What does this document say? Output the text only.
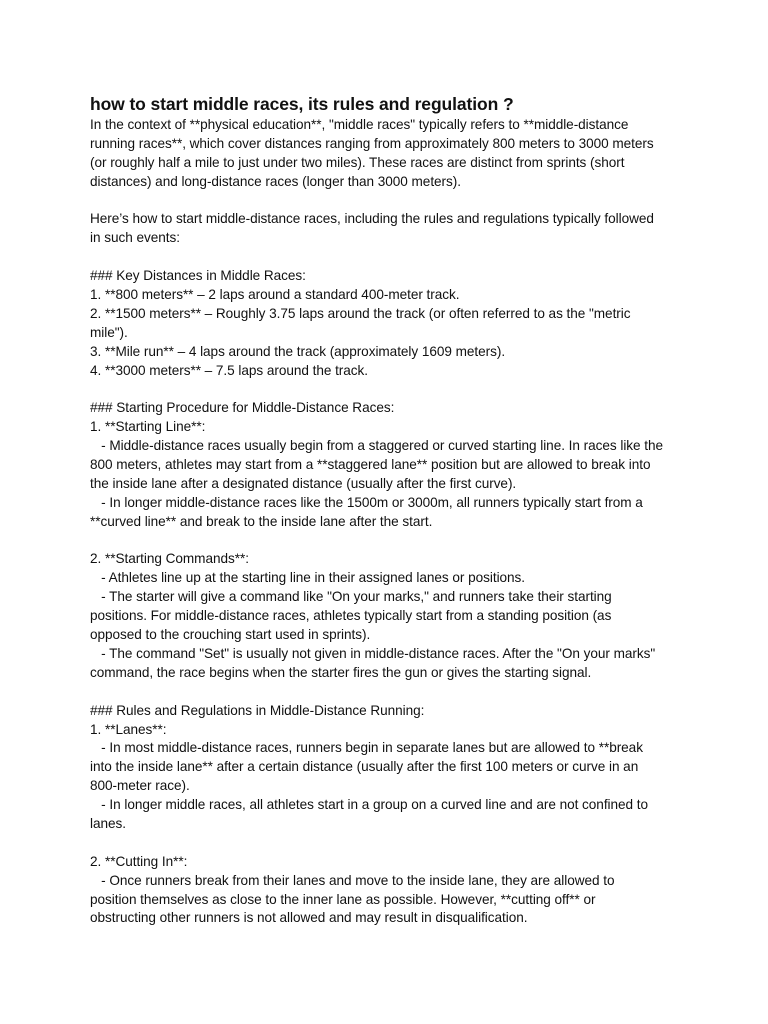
how to start middle races, its rules and regulation ?
In the context of **physical education**, "middle races" typically refers to **middle-distance
running races**, which cover distances ranging from approximately 800 meters to 3000 meters
(or roughly half a mile to just under two miles). These races are distinct from sprints (short
distances) and long-distance races (longer than 3000 meters).
Here’s how to start middle-distance races, including the rules and regulations typically followed
in such events:
### Key Distances in Middle Races:
1. **800 meters** – 2 laps around a standard 400-meter track.
2. **1500 meters** – Roughly 3.75 laps around the track (or often referred to as the "metric
mile").
3. **Mile run** – 4 laps around the track (approximately 1609 meters).
4. **3000 meters** – 7.5 laps around the track.
### Starting Procedure for Middle-Distance Races:
1. **Starting Line**:
- Middle-distance races usually begin from a staggered or curved starting line. In races like the
800 meters, athletes may start from a **staggered lane** position but are allowed to break into
the inside lane after a designated distance (usually after the first curve).
- In longer middle-distance races like the 1500m or 3000m, all runners typically start from a
**curved line** and break to the inside lane after the start.
2. **Starting Commands**:
- Athletes line up at the starting line in their assigned lanes or positions.
- The starter will give a command like "On your marks," and runners take their starting
positions. For middle-distance races, athletes typically start from a standing position (as
opposed to the crouching start used in sprints).
- The command "Set" is usually not given in middle-distance races. After the "On your marks"
command, the race begins when the starter fires the gun or gives the starting signal.
### Rules and Regulations in Middle-Distance Running:
1. **Lanes**:
- In most middle-distance races, runners begin in separate lanes but are allowed to **break
into the inside lane** after a certain distance (usually after the first 100 meters or curve in an
800-meter race).
- In longer middle races, all athletes start in a group on a curved line and are not confined to
lanes.
2. **Cutting In**:
- Once runners break from their lanes and move to the inside lane, they are allowed to
position themselves as close to the inner lane as possible. However, **cutting off** or
obstructing other runners is not allowed and may result in disqualification.
